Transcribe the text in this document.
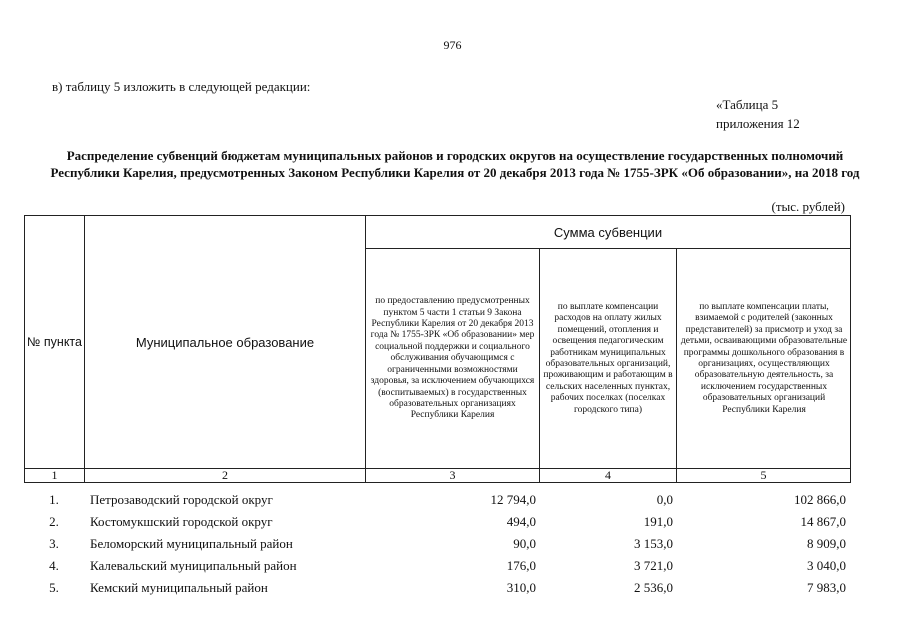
976
в) таблицу 5 изложить в следующей редакции:
«Таблица 5
приложения 12
Распределение субвенций бюджетам муниципальных районов и городских округов на осуществление государственных полномочий Республики Карелия, предусмотренных Законом Республики Карелия от 20 декабря 2013 года № 1755-ЗРК «Об образовании», на 2018 год
(тыс. рублей)
№ пункта	Муниципальное образование
Сумма субвенции
по предоставлению предусмотренных пунктом 5 части 1 статьи 9 Закона Республики Карелия от 20 декабря 2013 года № 1755-ЗРК «Об образовании» мер социальной поддержки и социального обслуживания обучающимся с ограниченными возможностями здоровья, за исключением обучающихся (воспитываемых) в государственных образовательных организациях Республики Карелия
по выплате компенсации расходов на оплату жилых помещений, отопления и освещения педагогическим работникам муниципальных образовательных организаций, проживающим и работающим в сельских населенных пунктах, рабочих поселках (поселках городского типа)
по выплате компенсации платы, взимаемой с родителей (законных представителей) за присмотр и уход за детьми, осваивающими образовательные программы дошкольного образования в организациях, осуществляющих образовательную деятельность, за исключением государственных образовательных организаций Республики Карелия
1	2	3	4	5
1.	Петрозаводский городской округ	12 794,0	0,0	102 866,0
2.	Костомукшский городской округ	494,0	191,0	14 867,0
3.	Беломорский муниципальный район	90,0	3 153,0	8 909,0
4.	Калевальский муниципальный район	176,0	3 721,0	3 040,0
5.	Кемский муниципальный район	310,0	2 536,0	7 983,0
